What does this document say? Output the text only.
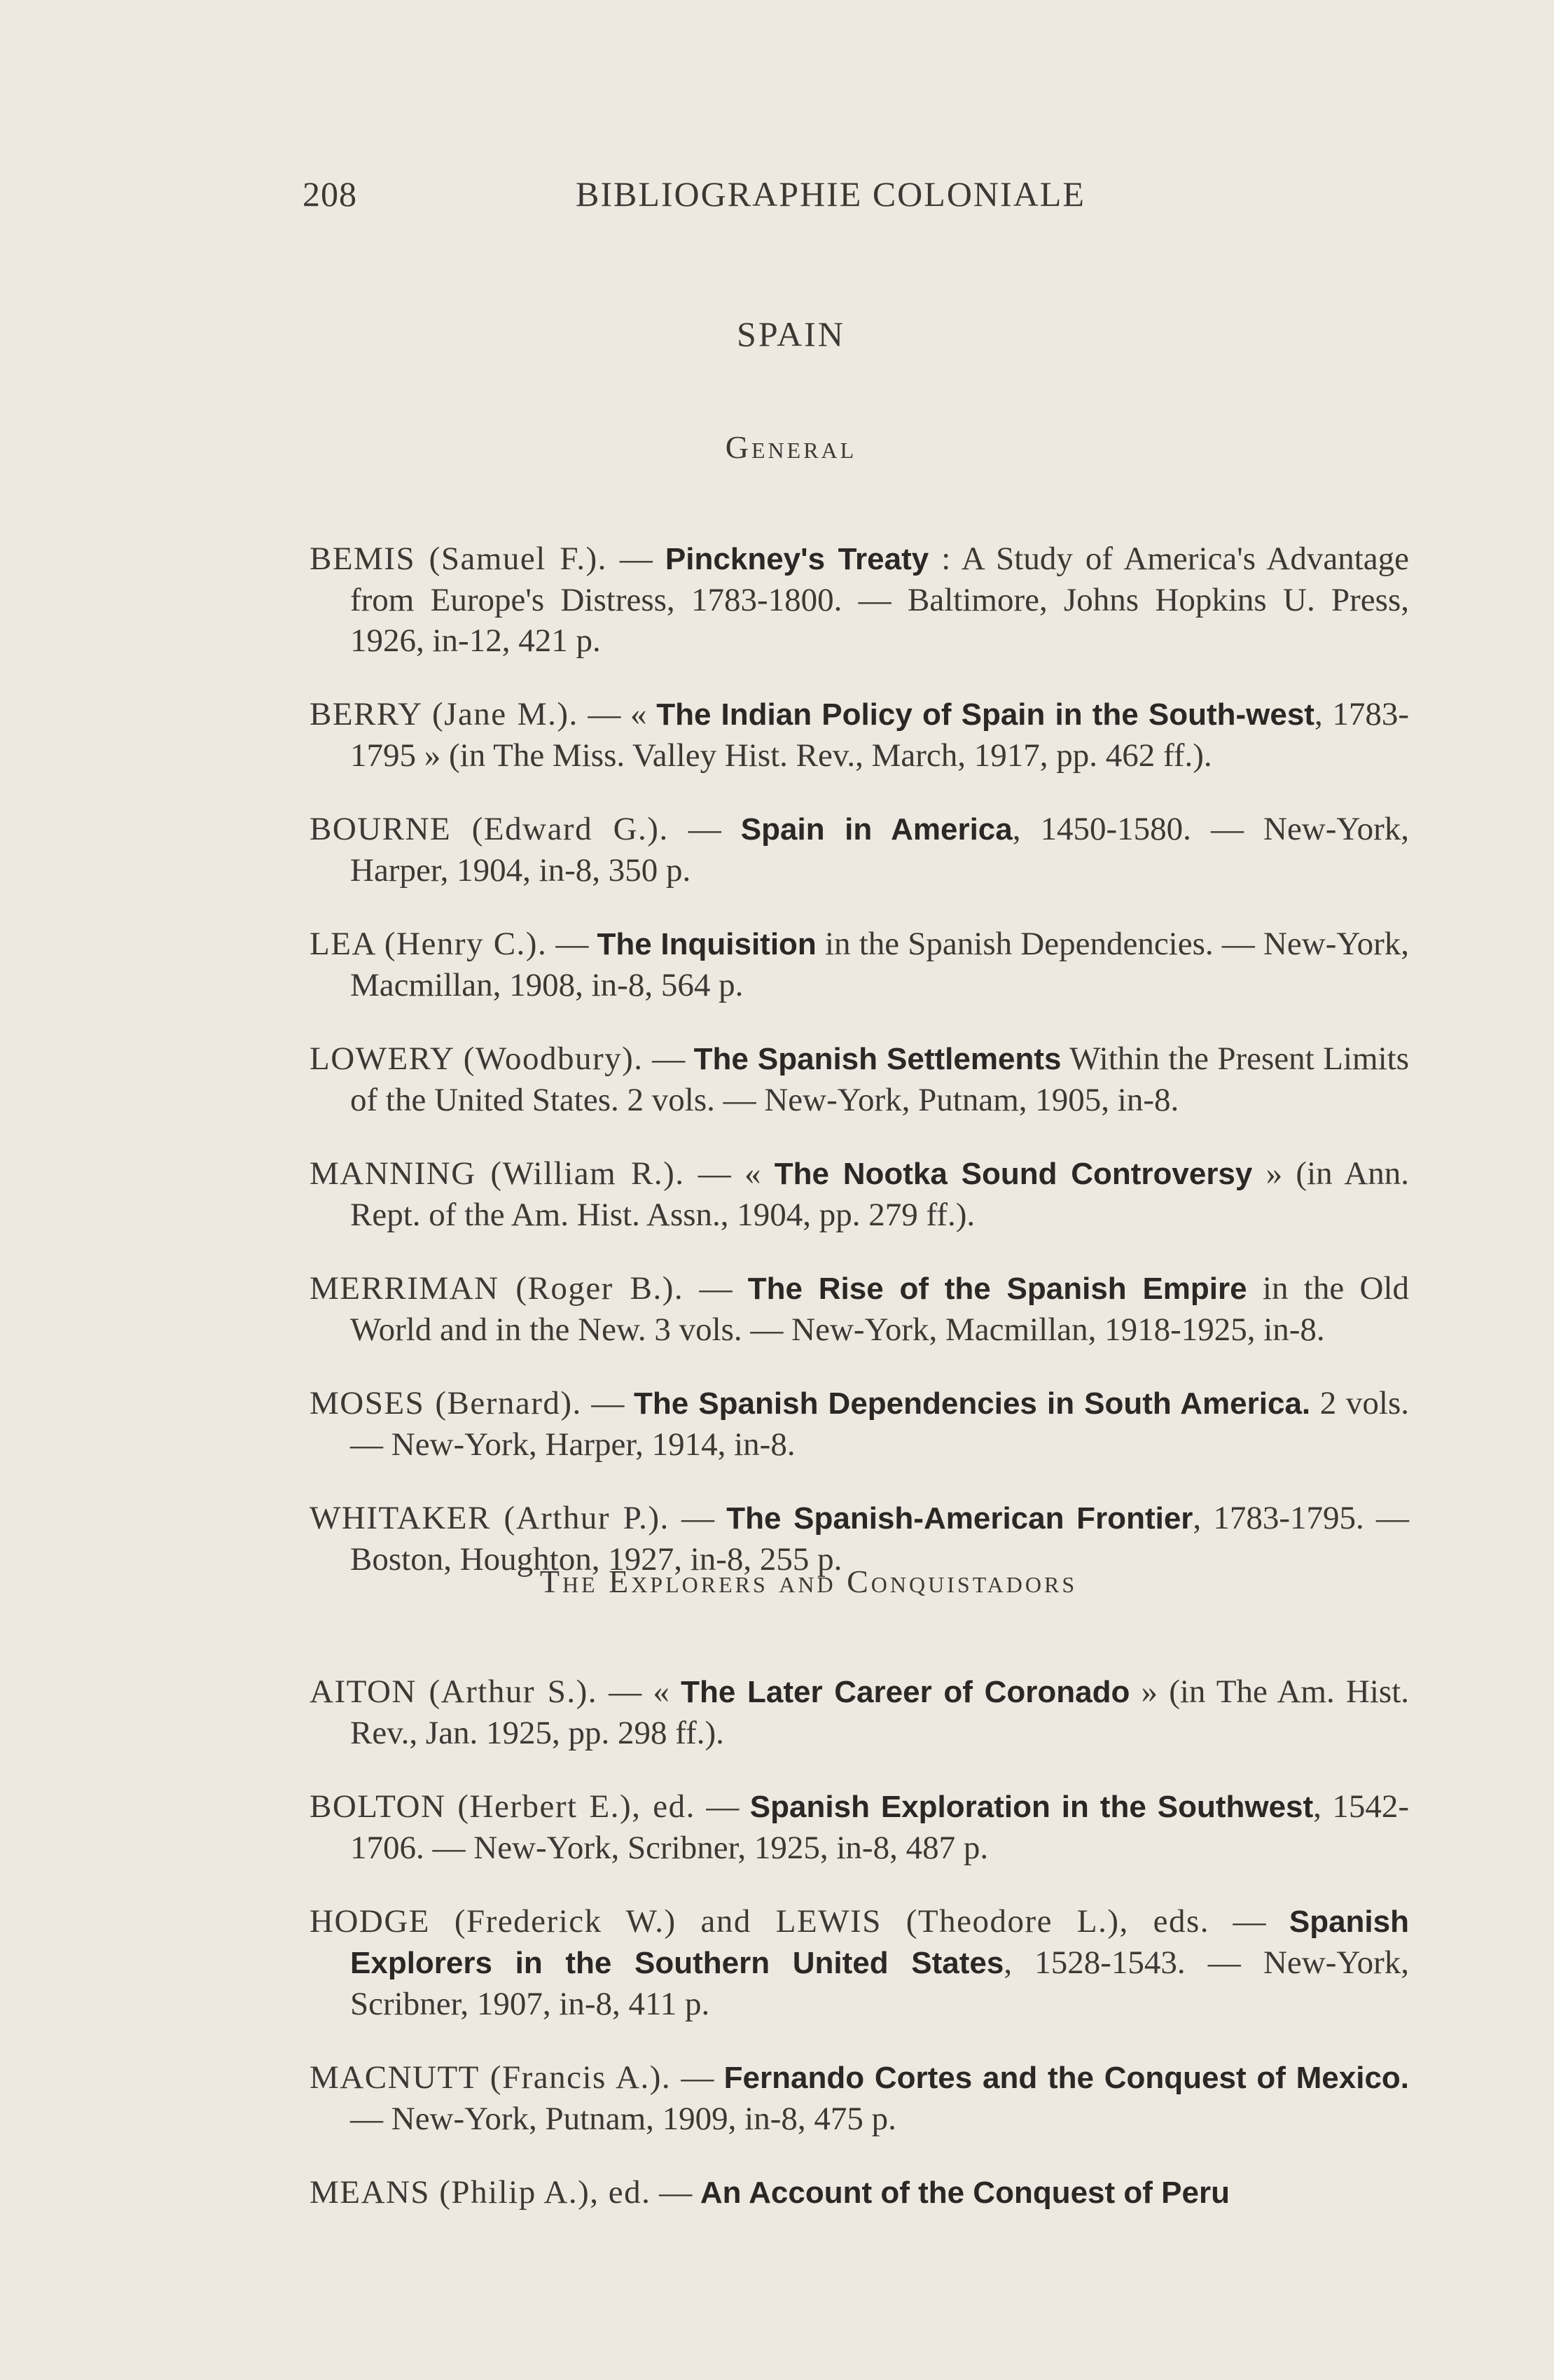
208	BIBLIOGRAPHIE COLONIALE
SPAIN
General

BEMIS (Samuel F.). — Pinckney's Treaty : A Study of America's Advantage from Europe's Distress, 1783-1800. — Baltimore, Johns Hopkins U. Press, 1926, in-12, 421 p.

BERRY (Jane M.). — « The Indian Policy of Spain in the South-west, 1783-1795 » (in The Miss. Valley Hist. Rev., March, 1917, pp. 462 ff.).

BOURNE (Edward G.). — Spain in America, 1450-1580. — New-York, Harper, 1904, in-8, 350 p.

LEA (Henry C.). — The Inquisition in the Spanish Dependencies. — New-York, Macmillan, 1908, in-8, 564 p.

LOWERY (Woodbury). — The Spanish Settlements Within the Present Limits of the United States. 2 vols. — New-York, Putnam, 1905, in-8.

MANNING (William R.). — « The Nootka Sound Controversy » (in Ann. Rept. of the Am. Hist. Assn., 1904, pp. 279 ff.).

MERRIMAN (Roger B.). — The Rise of the Spanish Empire in the Old World and in the New. 3 vols. — New-York, Macmillan, 1918-1925, in-8.

MOSES (Bernard). — The Spanish Dependencies in South America. 2 vols. — New-York, Harper, 1914, in-8.

WHITAKER (Arthur P.). — The Spanish-American Frontier, 1783-1795. — Boston, Houghton, 1927, in-8, 255 p.

The Explorers and Conquistadors

AITON (Arthur S.). — « The Later Career of Coronado » (in The Am. Hist. Rev., Jan. 1925, pp. 298 ff.).

BOLTON (Herbert E.), ed. — Spanish Exploration in the Southwest, 1542-1706. — New-York, Scribner, 1925, in-8, 487 p.

HODGE (Frederick W.) and LEWIS (Theodore L.), eds. — Spanish Explorers in the Southern United States, 1528-1543. — New-York, Scribner, 1907, in-8, 411 p.

MACNUTT (Francis A.). — Fernando Cortes and the Conquest of Mexico. — New-York, Putnam, 1909, in-8, 475 p.

MEANS (Philip A.), ed. — An Account of the Conquest of Peru
